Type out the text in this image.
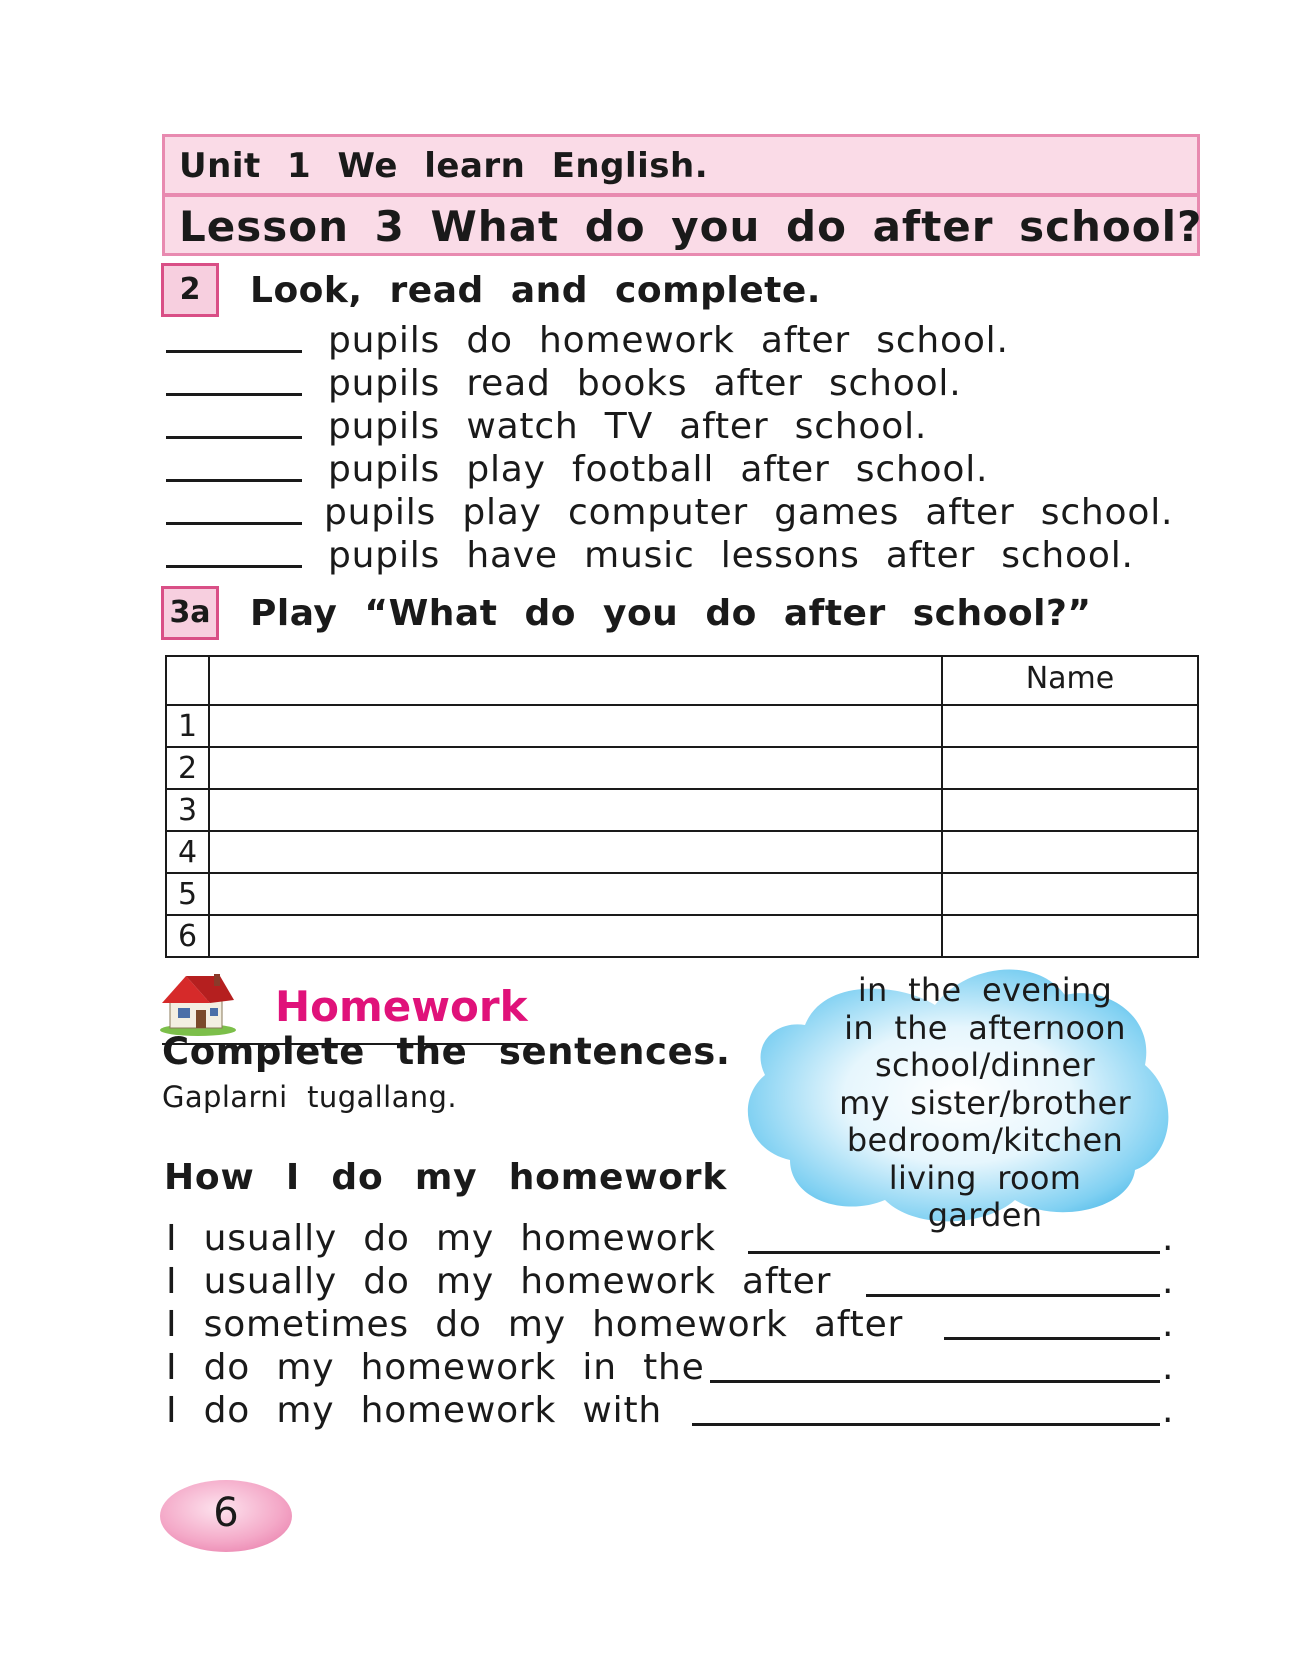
Unit 1 We learn English.
Lesson 3 What do you do after school?
2	Look, read and complete.
pupils do homework after school.
pupils read books after school.
pupils watch TV after school.
pupils play football after school.
pupils play computer games after school.
pupils have music lessons after school.
3a Play “What do you do after school?”
		Name
1		
2		
3		
4		
5		
6		
Homework
Complete the sentences.
Gaplarni tugallang.
How I do my homework
in the evening
in the afternoon
school/dinner
my sister/brother
bedroom/kitchen
living room
garden
I usually do my homework	.
I usually do my homework after	.
I sometimes do my homework after	.
I do my homework in the	.
I do my homework with	.
6
